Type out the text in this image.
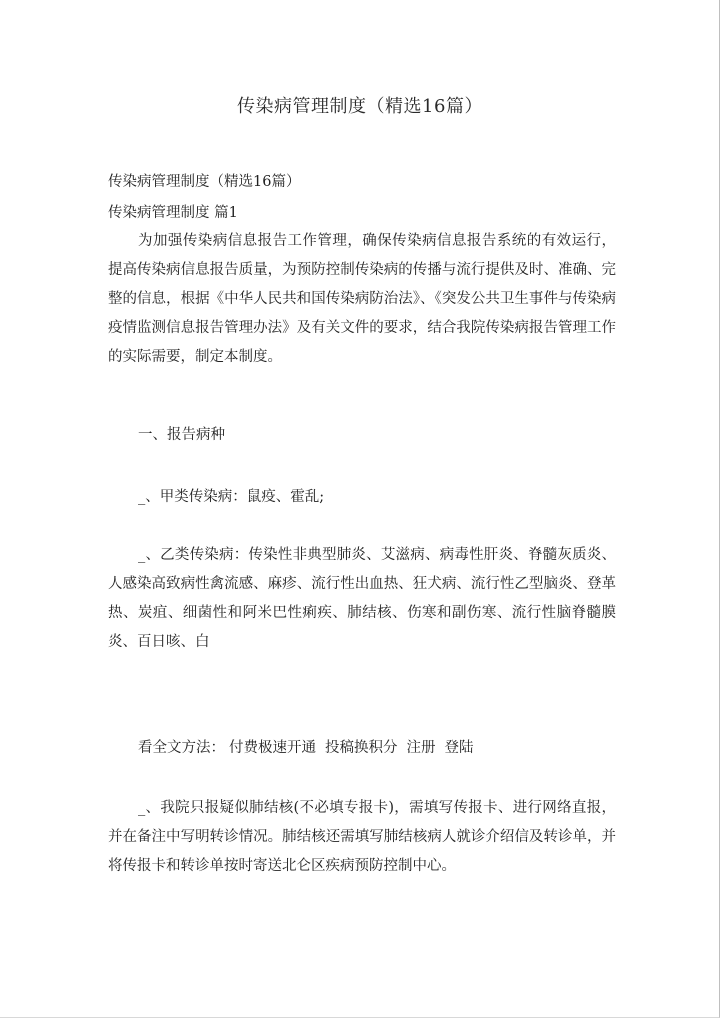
传染病管理制度（精选16篇）
传染病管理制度（精选16篇）
传染病管理制度 篇1
为加强传染病信息报告工作管理，确保传染病信息报告系统的有效运行，提高传染病信息报告质量，为预防控制传染病的传播与流行提供及时、准确、完整的信息，根据《中华人民共和国传染病防治法》、《突发公共卫生事件与传染病疫情监测信息报告管理办法》及有关文件的要求，结合我院传染病报告管理工作的实际需要，制定本制度。
一、报告病种
_、甲类传染病：鼠疫、霍乱;
_、乙类传染病：传染性非典型肺炎、艾滋病、病毒性肝炎、脊髓灰质炎、人感染高致病性禽流感、麻疹、流行性出血热、狂犬病、流行性乙型脑炎、登革热、炭疽、细菌性和阿米巴性痢疾、肺结核、伤寒和副伤寒、流行性脑脊髓膜炎、百日咳、白
看全文方法： 付费极速开通 投稿换积分 注册 登陆
_、我院只报疑似肺结核(不必填专报卡)，需填写传报卡、进行网络直报，并在备注中写明转诊情况。肺结核还需填写肺结核病人就诊介绍信及转诊单，并将传报卡和转诊单按时寄送北仑区疾病预防控制中心。
